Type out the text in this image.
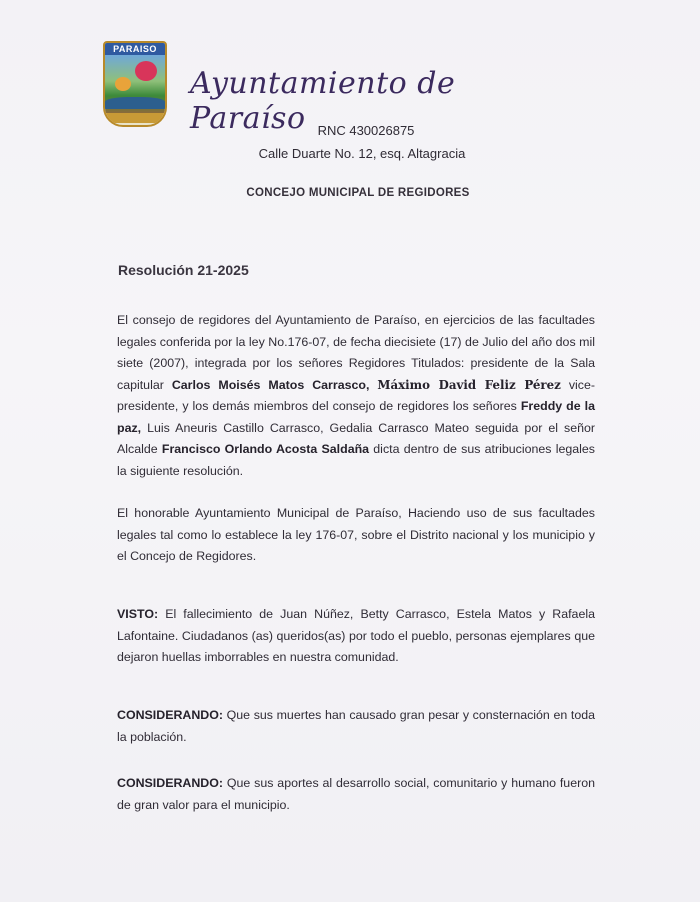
PARAISO
Ayuntamiento de Paraíso RNC 430026875
Calle Duarte No. 12, esq. Altagracia
CONCEJO MUNICIPAL DE REGIDORES
Resolución 21-2025
El consejo de regidores del Ayuntamiento de Paraíso, en ejercicios de las facultades legales conferida por la ley No.176-07, de fecha diecisiete (17) de Julio del año dos mil siete (2007), integrada por los señores Regidores Titulados: presidente de la Sala capitular Carlos Moisés Matos Carrasco, Máximo David Feliz Pérez vice- presidente, y los demás miembros del consejo de regidores los señores Freddy de la paz, Luis Aneuris Castillo Carrasco, Gedalia Carrasco Mateo seguida por el señor Alcalde Francisco Orlando Acosta Saldaña dicta dentro de sus atribuciones legales la siguiente resolución.
El honorable Ayuntamiento Municipal de Paraíso, Haciendo uso de sus facultades legales tal como lo establece la ley 176-07, sobre el Distrito nacional y los municipio y el Concejo de Regidores.
VISTO: El fallecimiento de Juan Núñez, Betty Carrasco, Estela Matos y Rafaela Lafontaine. Ciudadanos (as) queridos(as) por todo el pueblo, personas ejemplares que dejaron huellas imborrables en nuestra comunidad.
CONSIDERANDO: Que sus muertes han causado gran pesar y consternación en toda la población.
CONSIDERANDO: Que sus aportes al desarrollo social, comunitario y humano fueron de gran valor para el municipio.
